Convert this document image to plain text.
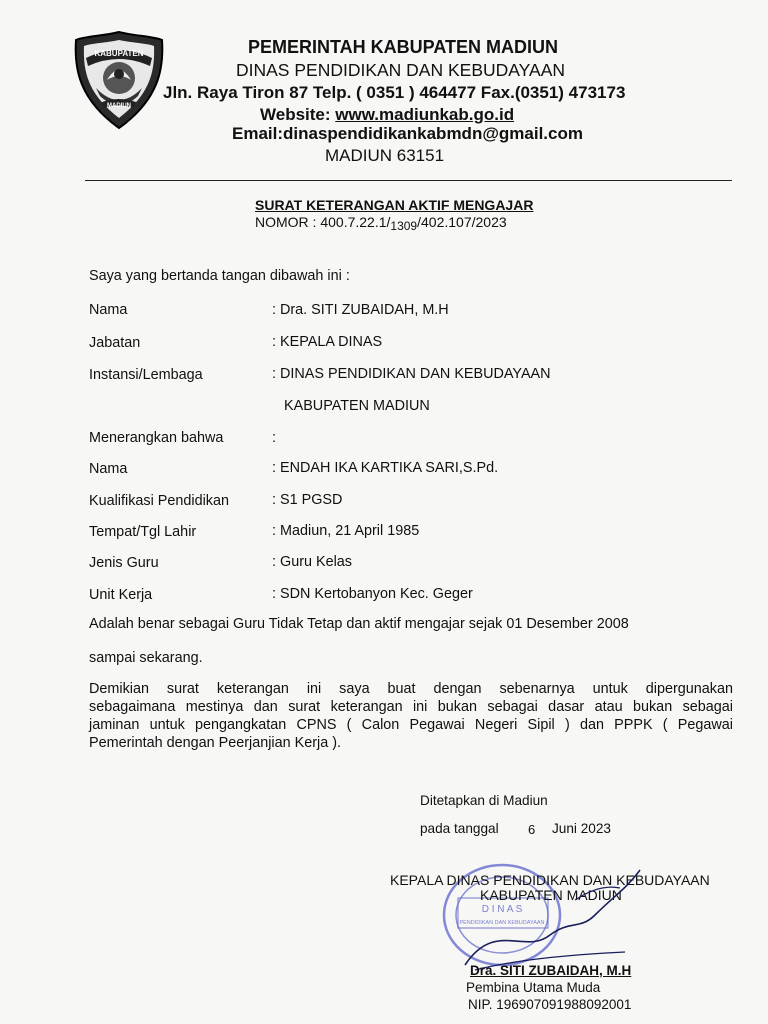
KABUPATEN
MADIUN
PEMERINTAH KABUPATEN MADIUN
DINAS PENDIDIKAN DAN KEBUDAYAAN
Jln. Raya Tiron 87 Telp. ( 0351 ) 464477 Fax.(0351) 473173
Website: www.madiunkab.go.id
Email:dinaspendidikankabmdn@gmail.com
MADIUN 63151
SURAT KETERANGAN AKTIF MENGAJAR
NOMOR : 400.7.22.1/1309/402.107/2023
Saya yang bertanda tangan dibawah ini :
Nama	: Dra. SITI ZUBAIDAH, M.H
Jabatan	: KEPALA DINAS
Instansi/Lembaga	: DINAS PENDIDIKAN DAN KEBUDAYAAN
KABUPATEN MADIUN
Menerangkan bahwa	:
Nama	: ENDAH IKA KARTIKA SARI,S.Pd.
Kualifikasi Pendidikan	: S1 PGSD
Tempat/Tgl Lahir	: Madiun, 21 April 1985
Jenis Guru	: Guru Kelas
Unit Kerja	: SDN Kertobanyon Kec. Geger
Adalah benar sebagai Guru Tidak Tetap dan aktif mengajar sejak 01 Desember 2008
sampai sekarang.
Demikian surat keterangan ini saya buat dengan sebenarnya untuk dipergunakan
sebagaimana mestinya dan surat keterangan ini bukan sebagai dasar atau bukan sebagai
jaminan untuk pengangkatan CPNS ( Calon Pegawai Negeri Sipil ) dan PPPK ( Pegawai
Pemerintah dengan Peerjanjian Kerja ).
Ditetapkan di Madiun
pada tanggal 6 Juni 2023
D I N A S
PENDIDIKAN DAN KEBUDAYAAN
KEPALA DINAS PENDIDIKAN DAN KEBUDAYAAN
KABUPATEN MADIUN
Dra. SITI ZUBAIDAH, M.H
Pembina Utama Muda
NIP. 196907091988092001
